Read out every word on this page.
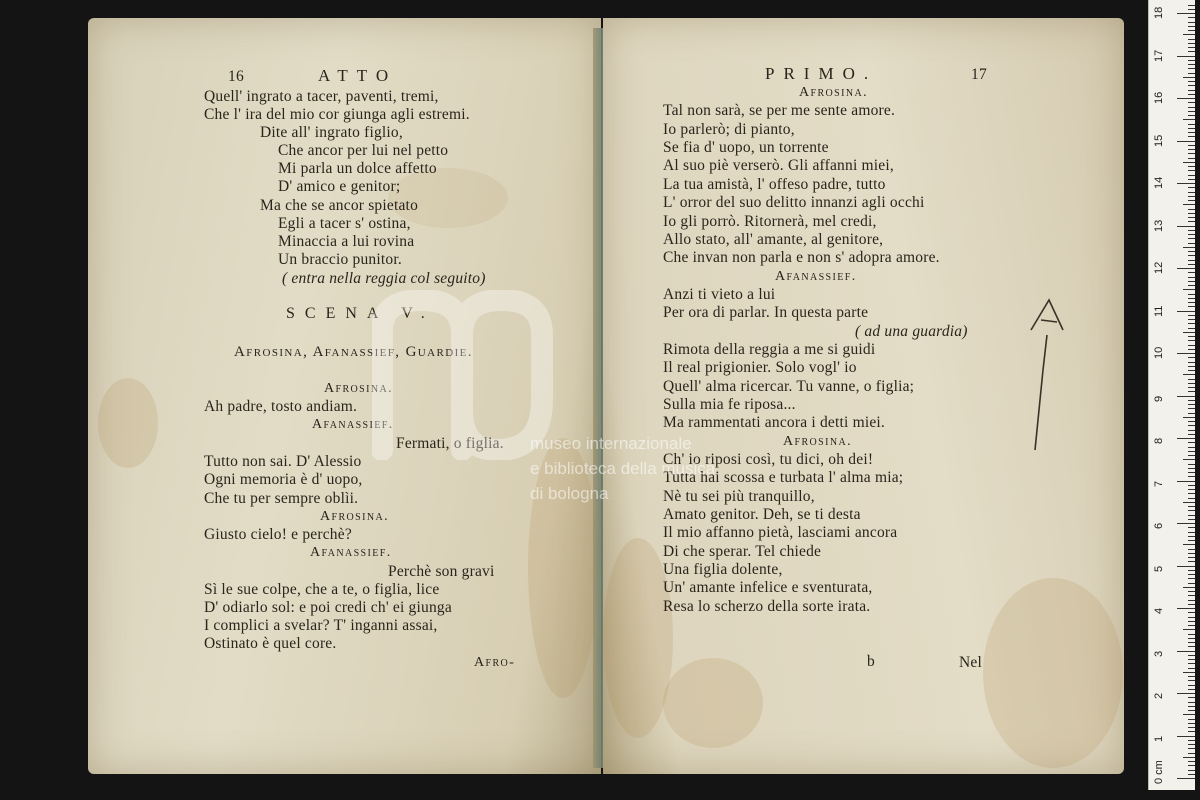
16	ATTO
Quell' ingrato a tacer, paventi, tremi,
Che l' ira del mio cor giunga agli estremi.
Dite all' ingrato figlio,
Che ancor per lui nel petto
Mi parla un dolce affetto
D' amico e genitor;
Ma che se ancor spietato
Egli a tacer s' ostina,
Minaccia a lui rovina
Un braccio punitor.
( entra nella reggia col seguito)
SCENA V.
Afrosina, Afanassief, Guardie.
Afrosina.
Ah padre, tosto andiam.
Afanassief.
Fermati, o figlia.
Tutto non sai. D' Alessio
Ogni memoria è d' uopo,
Che tu per sempre oblìi.
Afrosina.
Giusto cielo! e perchè?
Afanassief.
Perchè son gravi
Sì le sue colpe, che a te, o figlia, lice
D' odiarlo sol: e poi credi ch' ei giunga
I complici a svelar? T' inganni assai,
Ostinato è quel core.
Afro-
PRIMO.	17
Afrosina.
Tal non sarà, se per me sente amore.
Io parlerò; di pianto,
Se fia d' uopo, un torrente
Al suo piè verserò. Gli affanni miei,
La tua amistà, l' offeso padre, tutto
L' orror del suo delitto innanzi agli occhi
Io gli porrò. Ritornerà, mel credi,
Allo stato, all' amante, al genitore,
Che invan non parla e non s' adopra amore.
Afanassief.
Anzi ti vieto a lui
Per ora di parlar. In questa parte
( ad una guardia)
Rimota della reggia a me si guidi
Il real prigionier. Solo vogl' io
Quell' alma ricercar. Tu vanne, o figlia;
Sulla mia fe riposa...
Ma rammentati ancora i detti miei.
Afrosina.
Ch' io riposi così, tu dici, oh dei!
Tutta hai scossa e turbata l' alma mia;
Nè tu sei più tranquillo,
Amato genitor. Deh, se ti desta
Il mio affanno pietà, lasciami ancora
Di che sperar. Tel chiede
Una figlia dolente,
Un' amante infelice e sventurata,
Resa lo scherzo della sorte irata.
b	Nel
museo internazionale
e biblioteca della musica
di bologna
0 cm
1
2
3
4
5
6
7
8
9
10
11
12
13
14
15
16
17
18
